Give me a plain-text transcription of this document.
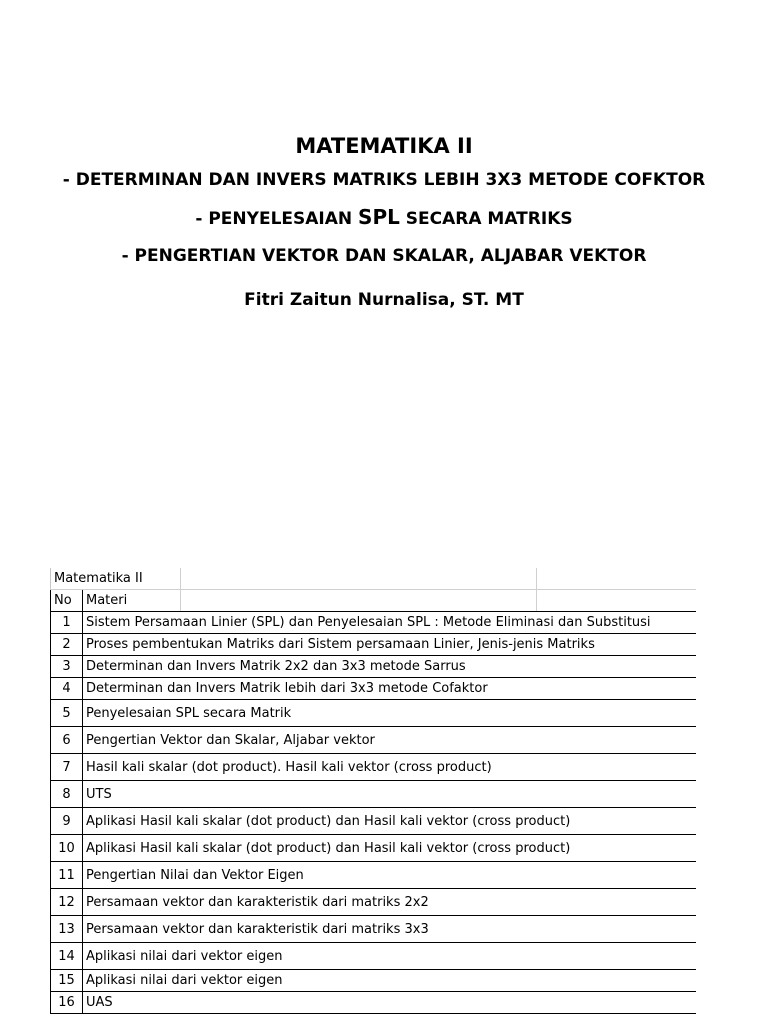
MATEMATIKA II
- DETERMINAN DAN INVERS MATRIKS LEBIH 3X3 METODE COFKTOR
- PENYELESAIAN SPL SECARA MATRIKS
- PENGERTIAN VEKTOR DAN SKALAR, ALJABAR VEKTOR
Fitri Zaitun Nurnalisa, ST. MT
Matematika II			
No	Materi		
1	Sistem Persamaan Linier (SPL) dan Penyelesaian SPL : Metode Eliminasi dan Substitusi		
2	Proses pembentukan Matriks dari Sistem persamaan Linier, Jenis-jenis Matriks		
3	Determinan dan Invers Matrik 2x2 dan 3x3 metode Sarrus		
4	Determinan dan Invers Matrik lebih dari 3x3 metode Cofaktor		
5	Penyelesaian SPL secara Matrik		
6	Pengertian Vektor dan Skalar, Aljabar vektor		
7	Hasil kali skalar (dot product). Hasil kali vektor (cross product)		
8	UTS		
9	Aplikasi Hasil kali skalar (dot product) dan Hasil kali vektor (cross product)		
10	Aplikasi Hasil kali skalar (dot product) dan Hasil kali vektor (cross product)		
11	Pengertian Nilai dan Vektor Eigen		
12	Persamaan vektor dan karakteristik dari matriks 2x2		
13	Persamaan vektor dan karakteristik dari matriks 3x3		
14	Aplikasi nilai dari vektor eigen		
15	Aplikasi nilai dari vektor eigen		
16	UAS		
